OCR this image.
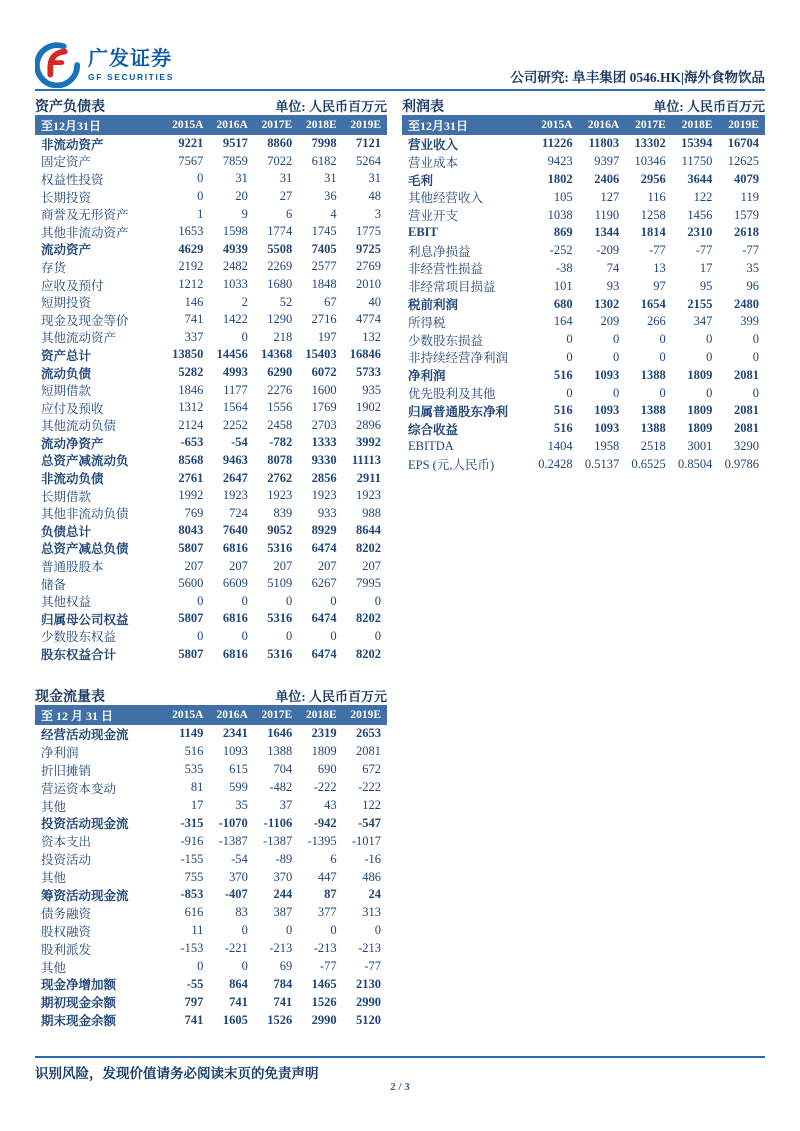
广发证券
GF SECURITIES	公司研究: 阜丰集团 0546.HK|海外食物饮品
资产负债表	单位: 人民币百万元
至12月31日	2015A	2016A	2017E	2018E	2019E
非流动资产	9221	9517	8860	7998	7121
固定资产	7567	7859	7022	6182	5264
权益性投资	0	31	31	31	31
长期投资	0	20	27	36	48
商誉及无形资产	1	9	6	4	3
其他非流动资产	1653	1598	1774	1745	1775
流动资产	4629	4939	5508	7405	9725
存货	2192	2482	2269	2577	2769
应收及预付	1212	1033	1680	1848	2010
短期投资	146	2	52	67	40
现金及现金等价	741	1422	1290	2716	4774
其他流动资产	337	0	218	197	132
资产总计	13850	14456	14368	15403	16846
流动负债	5282	4993	6290	6072	5733
短期借款	1846	1177	2276	1600	935
应付及预收	1312	1564	1556	1769	1902
其他流动负债	2124	2252	2458	2703	2896
流动净资产	-653	-54	-782	1333	3992
总资产减流动负	8568	9463	8078	9330	11113
非流动负债	2761	2647	2762	2856	2911
长期借款	1992	1923	1923	1923	1923
其他非流动负债	769	724	839	933	988
负债总计	8043	7640	9052	8929	8644
总资产减总负债	5807	6816	5316	6474	8202
普通股股本	207	207	207	207	207
储备	5600	6609	5109	6267	7995
其他权益	0	0	0	0	0
归属母公司权益	5807	6816	5316	6474	8202
少数股东权益	0	0	0	0	0
股东权益合计	5807	6816	5316	6474	8202
利润表	单位: 人民币百万元
至12月31日	2015A	2016A	2017E	2018E	2019E
营业收入	11226	11803	13302	15394	16704
营业成本	9423	9397	10346	11750	12625
毛利	1802	2406	2956	3644	4079
其他经营收入	105	127	116	122	119
营业开支	1038	1190	1258	1456	1579
EBIT	869	1344	1814	2310	2618
利息净损益	-252	-209	-77	-77	-77
非经营性损益	-38	74	13	17	35
非经常项目损益	101	93	97	95	96
税前利润	680	1302	1654	2155	2480
所得税	164	209	266	347	399
少数股东损益	0	0	0	0	0
非持续经营净利润	0	0	0	0	0
净利润	516	1093	1388	1809	2081
优先股利及其他	0	0	0	0	0
归属普通股东净利	516	1093	1388	1809	2081
综合收益	516	1093	1388	1809	2081
EBITDA	1404	1958	2518	3001	3290
EPS (元,人民币)	0.2428 0.5137 0.6525 0.8504 0.9786
现金流量表	单位: 人民币百万元
至 12 月 31 日	2015A	2016A	2017E	2018E	2019E
经营活动现金流	1149	2341	1646	2319	2653
净利润	516	1093	1388	1809	2081
折旧摊销	535	615	704	690	672
营运资本变动	81	599	-482	-222	-222
其他	17	35	37	43	122
投资活动现金流	-315	-1070	-1106	-942	-547
资本支出	-916	-1387	-1387	-1395	-1017
投资活动	-155	-54	-89	6	-16
其他	755	370	370	447	486
筹资活动现金流	-853	-407	244	87	24
债务融资	616	83	387	377	313
股权融资	11	0	0	0	0
股利派发	-153	-221	-213	-213	-213
其他	0	0	69	-77	-77
现金净增加额	-55	864	784	1465	2130
期初现金余额	797	741	741	1526	2990
期末现金余额	741	1605	1526	2990	5120
识别风险，发现价值请务必阅读末页的免责声明
2 / 3
